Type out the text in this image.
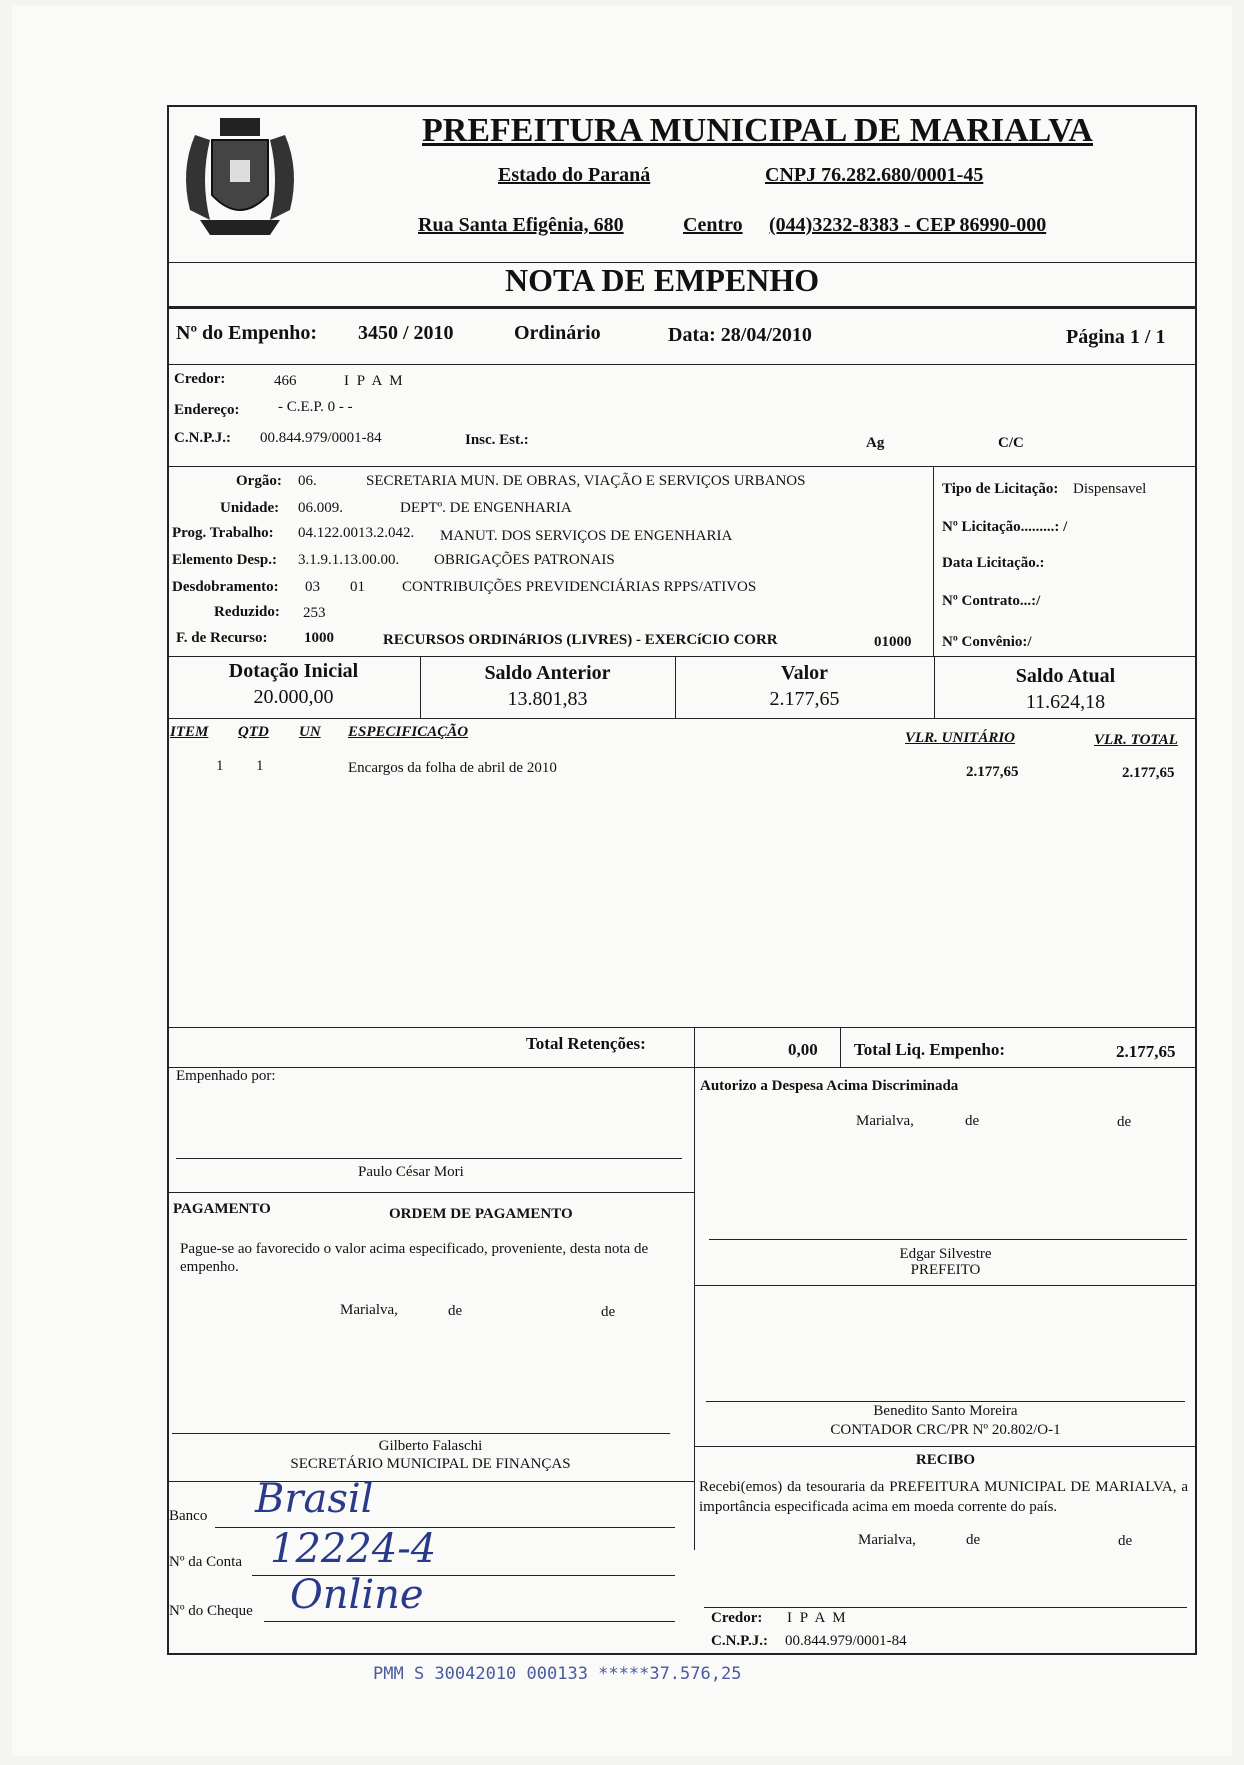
PREFEITURA MUNICIPAL DE MARIALVA
Estado do Paraná	CNPJ 76.282.680/0001-45
Rua Santa Efigênia, 680	Centro (044)3232-8383 - CEP 86990-000
NOTA DE EMPENHO
Nº do Empenho: 3450 / 2010	Ordinário	Data: 28/04/2010	Página 1 / 1
Credor:	466	I P A M
Endereço:	- C.E.P. 0 - -
C.N.P.J.: 00.844.979/0001-84	Insc. Est.:	Ag	C/C
Orgão: 06.	SECRETARIA MUN. DE OBRAS, VIAÇÃO E SERVIÇOS URBANOS
Unidade: 06.009.	DEPTº. DE ENGENHARIA
Prog. Trabalho: 04.122.0013.2.042. MANUT. DOS SERVIÇOS DE ENGENHARIA
Elemento Desp.: 3.1.9.1.13.00.00. OBRIGAÇÕES PATRONAIS
Desdobramento: 03 01 CONTRIBUIÇÕES PREVIDENCIÁRIAS RPPS/ATIVOS
Reduzido: 253
F. de Recurso: 1000	RECURSOS ORDINáRIOS (LIVRES) - EXERCíCIO CORR	01000
Tipo de Licitação: Dispensavel
Nº Licitação.........: /
Data Licitação.:
Nº Contrato...:/
Nº Convênio:/
Dotação Inicial
20.000,00
Saldo Anterior
13.801,83
Valor
2.177,65
Saldo Atual
11.624,18
ITEM QTD UN ESPECIFICAÇÃO	VLR. UNITÁRIO	VLR. TOTAL
1 1	Encargos da folha de abril de 2010	2.177,65	2.177,65
Total Retenções:	0,00 Total Liq. Empenho:	2.177,65
Empenhado por:
Paulo César Mori
Autorizo a Despesa Acima Discriminada
Marialva,	de	de
Edgar Silvestre
PREFEITO
PAGAMENTO	ORDEM DE PAGAMENTO
Pague-se ao favorecido o valor acima especificado, proveniente, desta nota de empenho.
Marialva,	de	de
Gilberto Falaschi
SECRETÁRIO MUNICIPAL DE FINANÇAS
Benedito Santo Moreira
CONTADOR CRC/PR Nº 20.802/O-1
RECIBO
Recebi(emos) da tesouraria da PREFEITURA MUNICIPAL DE MARIALVA, a importância especificada acima em moeda corrente do país.
Marialva,	de	de
Credor: I P A M
C.N.P.J.: 00.844.979/0001-84
Banco Brasil
Nº da Conta 12224-4
Nº do Cheque Online
PMM S 30042010 000133 *****37.576,25
